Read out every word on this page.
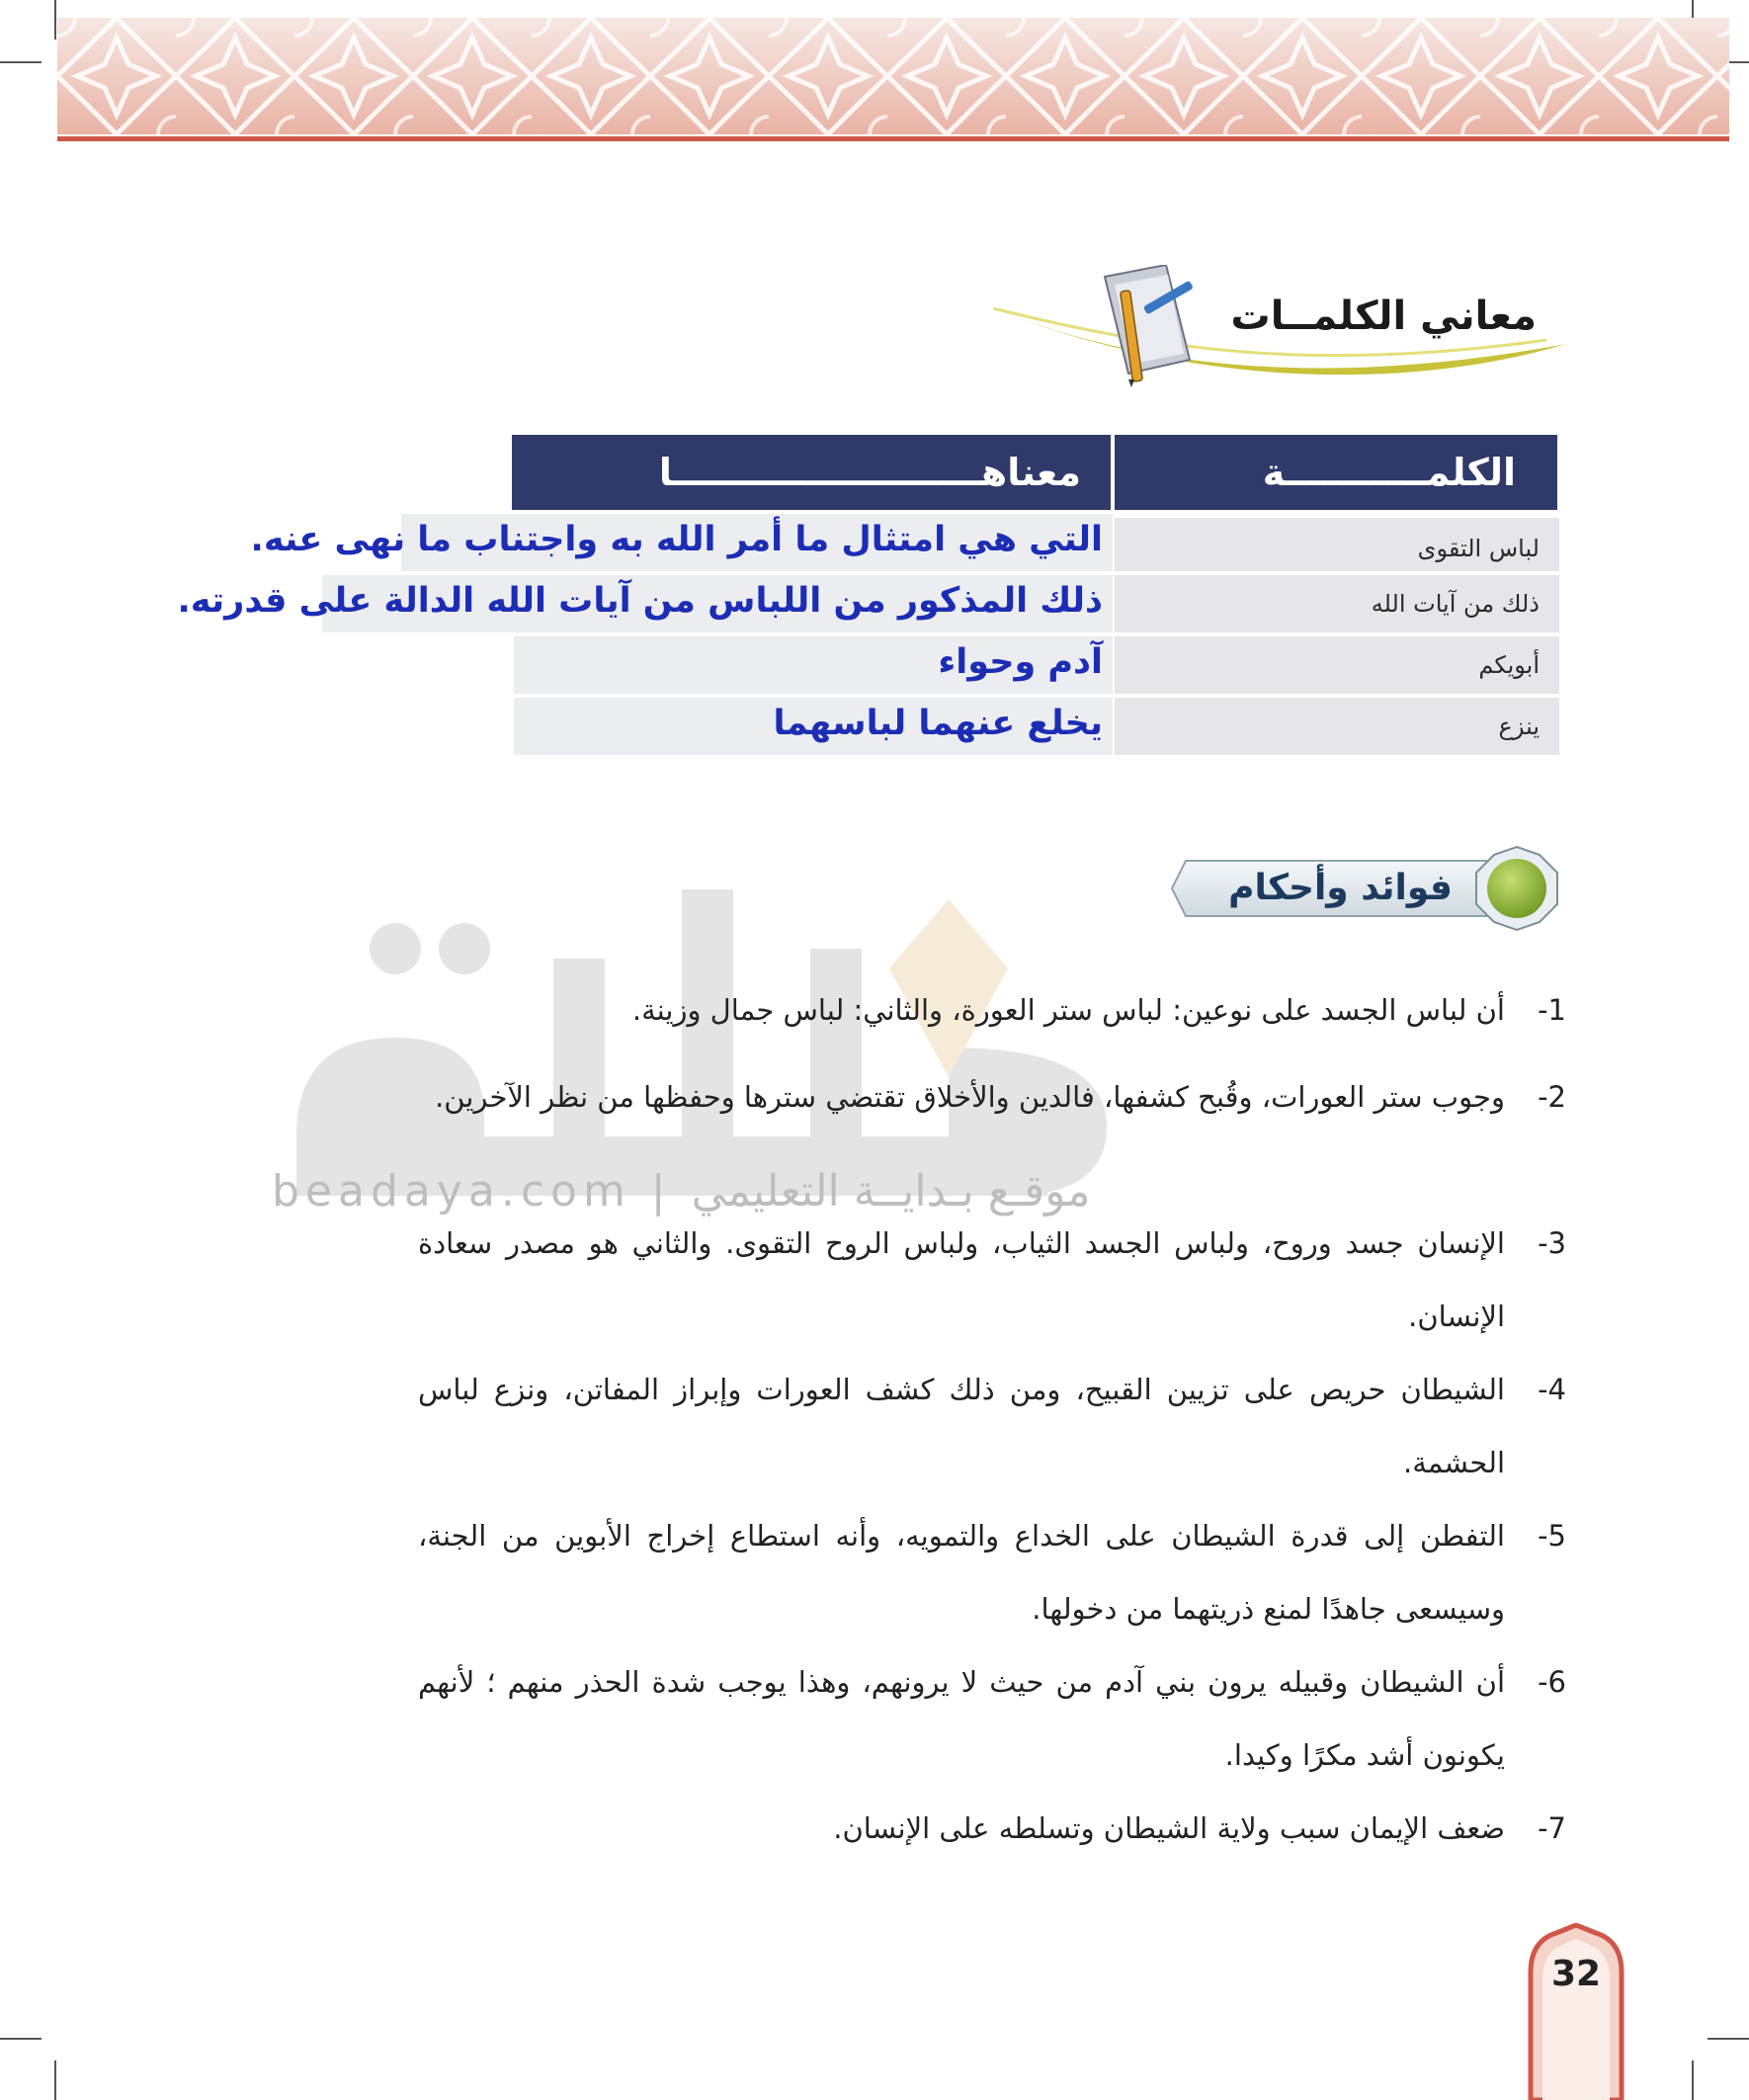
معاني الكلمــات
معناهــــــــــــــــــــــــا	الكلمـــــــــــة
لباس التقوى
التي هي امتثال ما أمر الله به واجتناب ما نهى عنه.
ذلك من آيات الله
ذلك المذكور من اللباس من آيات الله الدالة على قدرته.
أبويكم
آدم وحواء
ينزع
يخلع عنهما لباسهما
beadaya.com | موقـع بـدايــة التعليمي
فوائد وأحكام
1-
أن لباس الجسد على نوعين: لباس ستر العورة، والثاني: لباس جمال وزينة.
2-
وجوب ستر العورات، وقُبح كشفها، فالدين والأخلاق تقتضي سترها وحفظها من نظر الآخرين.
3-
الإنسان جسد وروح، ولباس الجسد الثياب، ولباس الروح التقوى. والثاني هو مصدر سعادة الإنسان.
4-
الشيطان حريص على تزيين القبيح، ومن ذلك كشف العورات وإبراز المفاتن، ونزع لباس الحشمة.
5-
التفطن إلى قدرة الشيطان على الخداع والتمويه، وأنه استطاع إخراج الأبوين من الجنة، وسيسعى جاهدًا لمنع ذريتهما من دخولها.
6-
أن الشيطان وقبيله يرون بني آدم من حيث لا يرونهم، وهذا يوجب شدة الحذر منهم ؛ لأنهم يكونون أشد مكرًا وكيدا.
7-
ضعف الإيمان سبب ولاية الشيطان وتسلطه على الإنسان.
32
